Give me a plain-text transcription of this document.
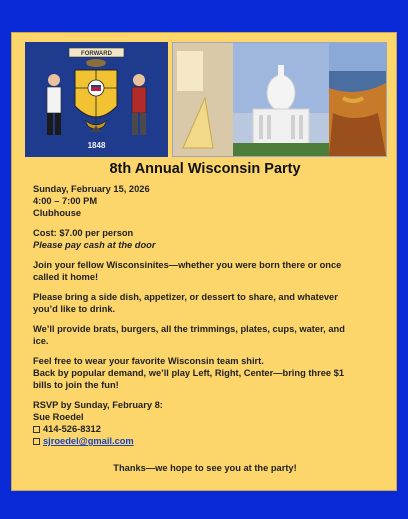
FORWARD
1848
8th Annual Wisconsin Party

Sunday, February 15, 2026
4:00 – 7:00 PM
Clubhouse

Cost: $7.00 per person
Please pay cash at the door

Join your fellow Wisconsinites—whether you were born there or once
called it home!

Please bring a side dish, appetizer, or dessert to share, and whatever
you’d like to drink.

We’ll provide brats, burgers, all the trimmings, plates, cups, water, and
ice.

Feel free to wear your favorite Wisconsin team shirt.
Back by popular demand, we’ll play Left, Right, Center—bring three $1
bills to join the fun!

RSVP by Sunday, February 8:
Sue Roedel
414-526-8312
sjroedel@gmail.com

Thanks—we hope to see you at the party!
